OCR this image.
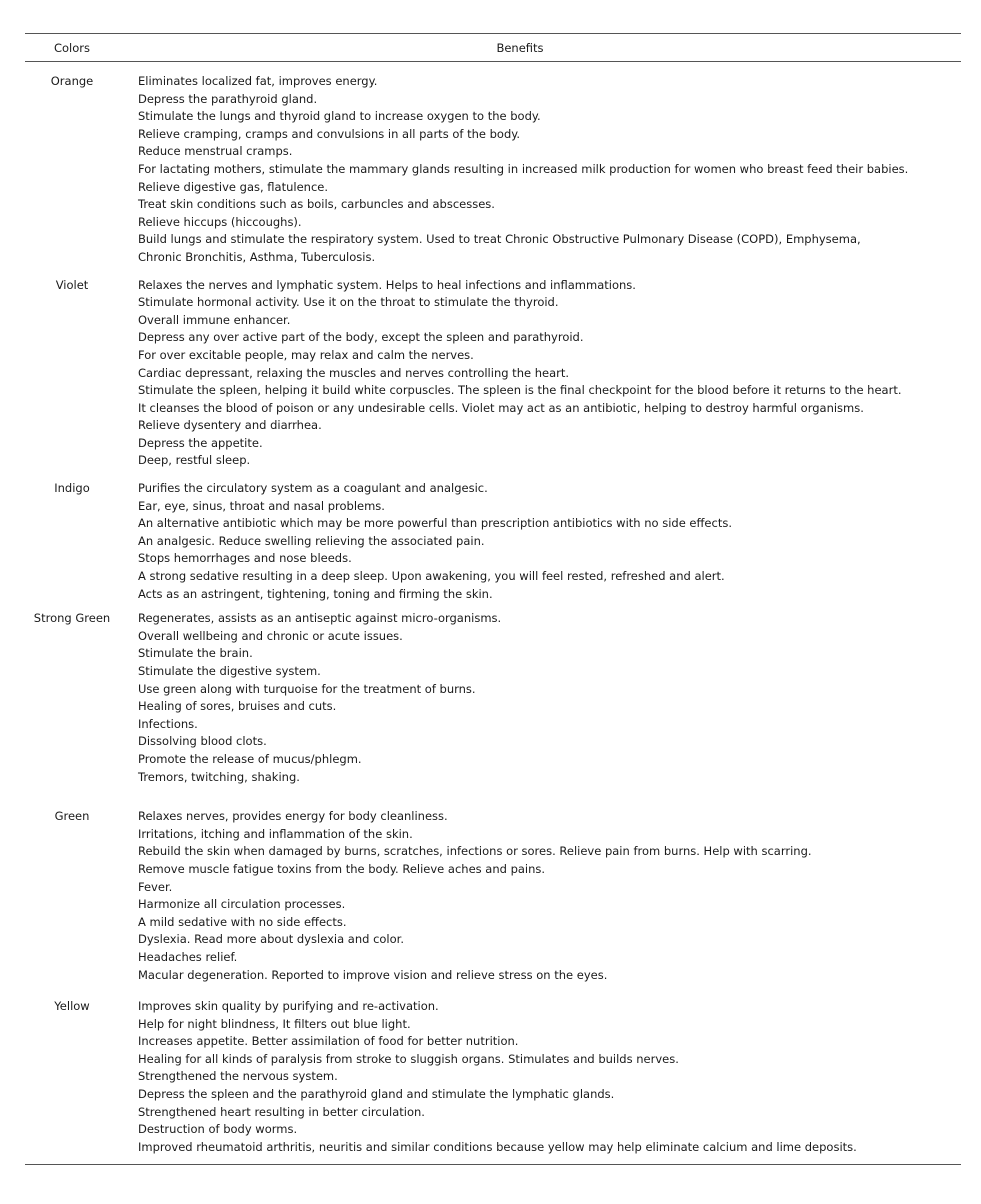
Colors	Benefits
Orange	Eliminates localized fat, improves energy.
Depress the parathyroid gland.
Stimulate the lungs and thyroid gland to increase oxygen to the body.
Relieve cramping, cramps and convulsions in all parts of the body.
Reduce menstrual cramps.
For lactating mothers, stimulate the mammary glands resulting in increased milk production for women who breast feed their babies.
Relieve digestive gas, flatulence.
Treat skin conditions such as boils, carbuncles and abscesses.
Relieve hiccups (hiccoughs).
Build lungs and stimulate the respiratory system. Used to treat Chronic Obstructive Pulmonary Disease (COPD), Emphysema,
Chronic Bronchitis, Asthma, Tuberculosis.
Violet	Relaxes the nerves and lymphatic system. Helps to heal infections and inflammations.
Stimulate hormonal activity. Use it on the throat to stimulate the thyroid.
Overall immune enhancer.
Depress any over active part of the body, except the spleen and parathyroid.
For over excitable people, may relax and calm the nerves.
Cardiac depressant, relaxing the muscles and nerves controlling the heart.
Stimulate the spleen, helping it build white corpuscles. The spleen is the final checkpoint for the blood before it returns to the heart.
It cleanses the blood of poison or any undesirable cells. Violet may act as an antibiotic, helping to destroy harmful organisms.
Relieve dysentery and diarrhea.
Depress the appetite.
Deep, restful sleep.
Indigo	Purifies the circulatory system as a coagulant and analgesic.
Ear, eye, sinus, throat and nasal problems.
An alternative antibiotic which may be more powerful than prescription antibiotics with no side effects.
An analgesic. Reduce swelling relieving the associated pain.
Stops hemorrhages and nose bleeds.
A strong sedative resulting in a deep sleep. Upon awakening, you will feel rested, refreshed and alert.
Acts as an astringent, tightening, toning and firming the skin.
Strong Green	Regenerates, assists as an antiseptic against micro-organisms.
Overall wellbeing and chronic or acute issues.
Stimulate the brain.
Stimulate the digestive system.
Use green along with turquoise for the treatment of burns.
Healing of sores, bruises and cuts.
Infections.
Dissolving blood clots.
Promote the release of mucus/phlegm.
Tremors, twitching, shaking.
Green	Relaxes nerves, provides energy for body cleanliness.
Irritations, itching and inflammation of the skin.
Rebuild the skin when damaged by burns, scratches, infections or sores. Relieve pain from burns. Help with scarring.
Remove muscle fatigue toxins from the body. Relieve aches and pains.
Fever.
Harmonize all circulation processes.
A mild sedative with no side effects.
Dyslexia. Read more about dyslexia and color.
Headaches relief.
Macular degeneration. Reported to improve vision and relieve stress on the eyes.
Yellow	Improves skin quality by purifying and re-activation.
Help for night blindness, It filters out blue light.
Increases appetite. Better assimilation of food for better nutrition.
Healing for all kinds of paralysis from stroke to sluggish organs. Stimulates and builds nerves.
Strengthened the nervous system.
Depress the spleen and the parathyroid gland and stimulate the lymphatic glands.
Strengthened heart resulting in better circulation.
Destruction of body worms.
Improved rheumatoid arthritis, neuritis and similar conditions because yellow may help eliminate calcium and lime deposits.
